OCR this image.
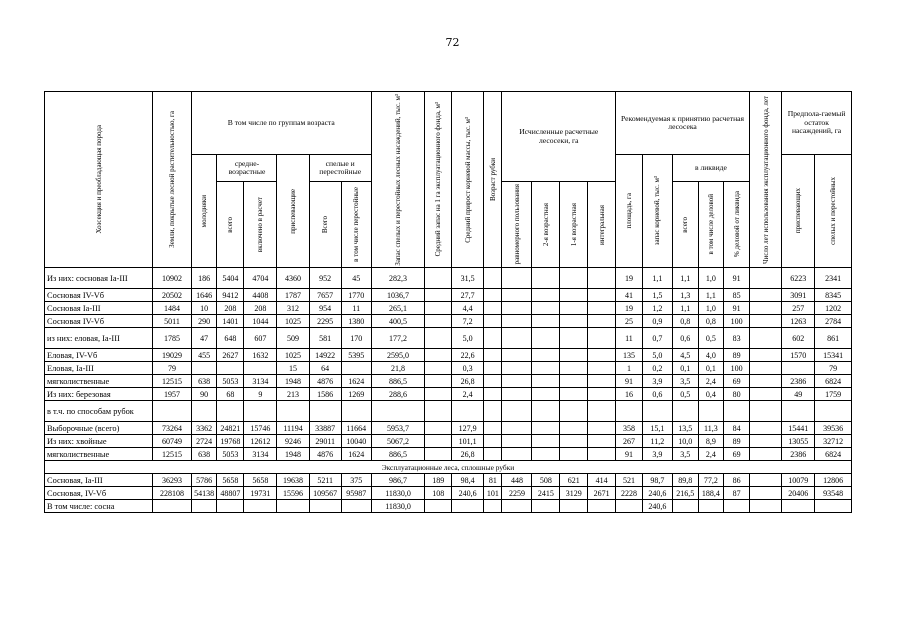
72
Хозсекция и преобладающая порода	Земли, покрытые лесной растительностью, га	В том числе по группам возраста						Запас спелых и перестойных лесных насаждений, тыс. м³	Средний запас на 1 га эксплуатационного фонда, м³	Средний прирост корневой массы, тыс. м³	Возраст рубки	Исчисленные расчетные лесосеки, га				Рекомендуемая к принятию расчетная лесосека					Число лет использования эксплуатационного фонда, лет	Предпола-гаемый остаток насаждений, га	

		молодняки	средне-возрастные		приспевающие	спелые и перестойные										площадь, га	запас корневой, тыс. м³	в ликвиде				приспевающих	спелых и перестойных

			всего	включено в расчет		Всего	в том числе перестойные					равномерного пользования	2-я возрастная	1-я возрастная	интегральная			всего	в том числе деловой	% деловой от ликвида			

Из них: сосновая Ia-III	10902	186	5404	4704	4360	952	45	282,3		31,5						19	1,1	1,1	1,0	91		6223	2341
Сосновая IV-Vб	20502	1646	9412	4408	1787	7657	1770	1036,7		27,7						41	1,5	1,3	1,1	85		3091	8345
Сосновая Ia-III	1484	10	208	208	312	954	11	265,1		4,4						19	1,2	1,1	1,0	91		257	1202
Сосновая IV-Vб	5011	290	1401	1044	1025	2295	1380	400,5		7,2						25	0,9	0,8	0,8	100		1263	2784
из них: еловая, Ia-III	1785	47	648	607	509	581	170	177,2		5,0						11	0,7	0,6	0,5	83		602	861
Еловая, IV-Vб	19029	455	2627	1632	1025	14922	5395	2595,0		22,6						135	5,0	4,5	4,0	89		1570	15341
Еловая, Ia-III	79				15	64		21,8		0,3						1	0,2	0,1	0,1	100			79
мягколиственные	12515	638	5053	3134	1948	4876	1624	886,5		26,8						91	3,9	3,5	2,4	69		2386	6824
Из них: березовая	1957	90	68	9	213	1586	1269	288,6		2,4						16	0,6	0,5	0,4	80		49	1759
в т.ч. по способам рубок																							
Выборочные (всего)	73264	3362	24821	15746	11194	33887	11664	5953,7		127,9						358	15,1	13,5	11,3	84		15441	39536
Из них: хвойные	60749	2724	19768	12612	9246	29011	10040	5067,2		101,1						267	11,2	10,0	8,9	89		13055	32712
мягколиственные	12515	638	5053	3134	1948	4876	1624	886,5		26,8						91	3,9	3,5	2,4	69		2386	6824
Эксплуатационные леса, сплошные рубки																							
Сосновая, Ia-III	36293	5786	5658	5658	19638	5211	375	986,7	189	98,4	81	448	508	621	414	521	98,7	89,8	77,2	86		10079	12806
Сосновая, IV-Vб	228108	54138	48807	19731	15596	109567	95987	11830,0	108	240,6	101	2259	2415	3129	2671	2228	240,6	216,5	188,4	87		20406	93548
В том числе: сосна								11830,0									240,6						
